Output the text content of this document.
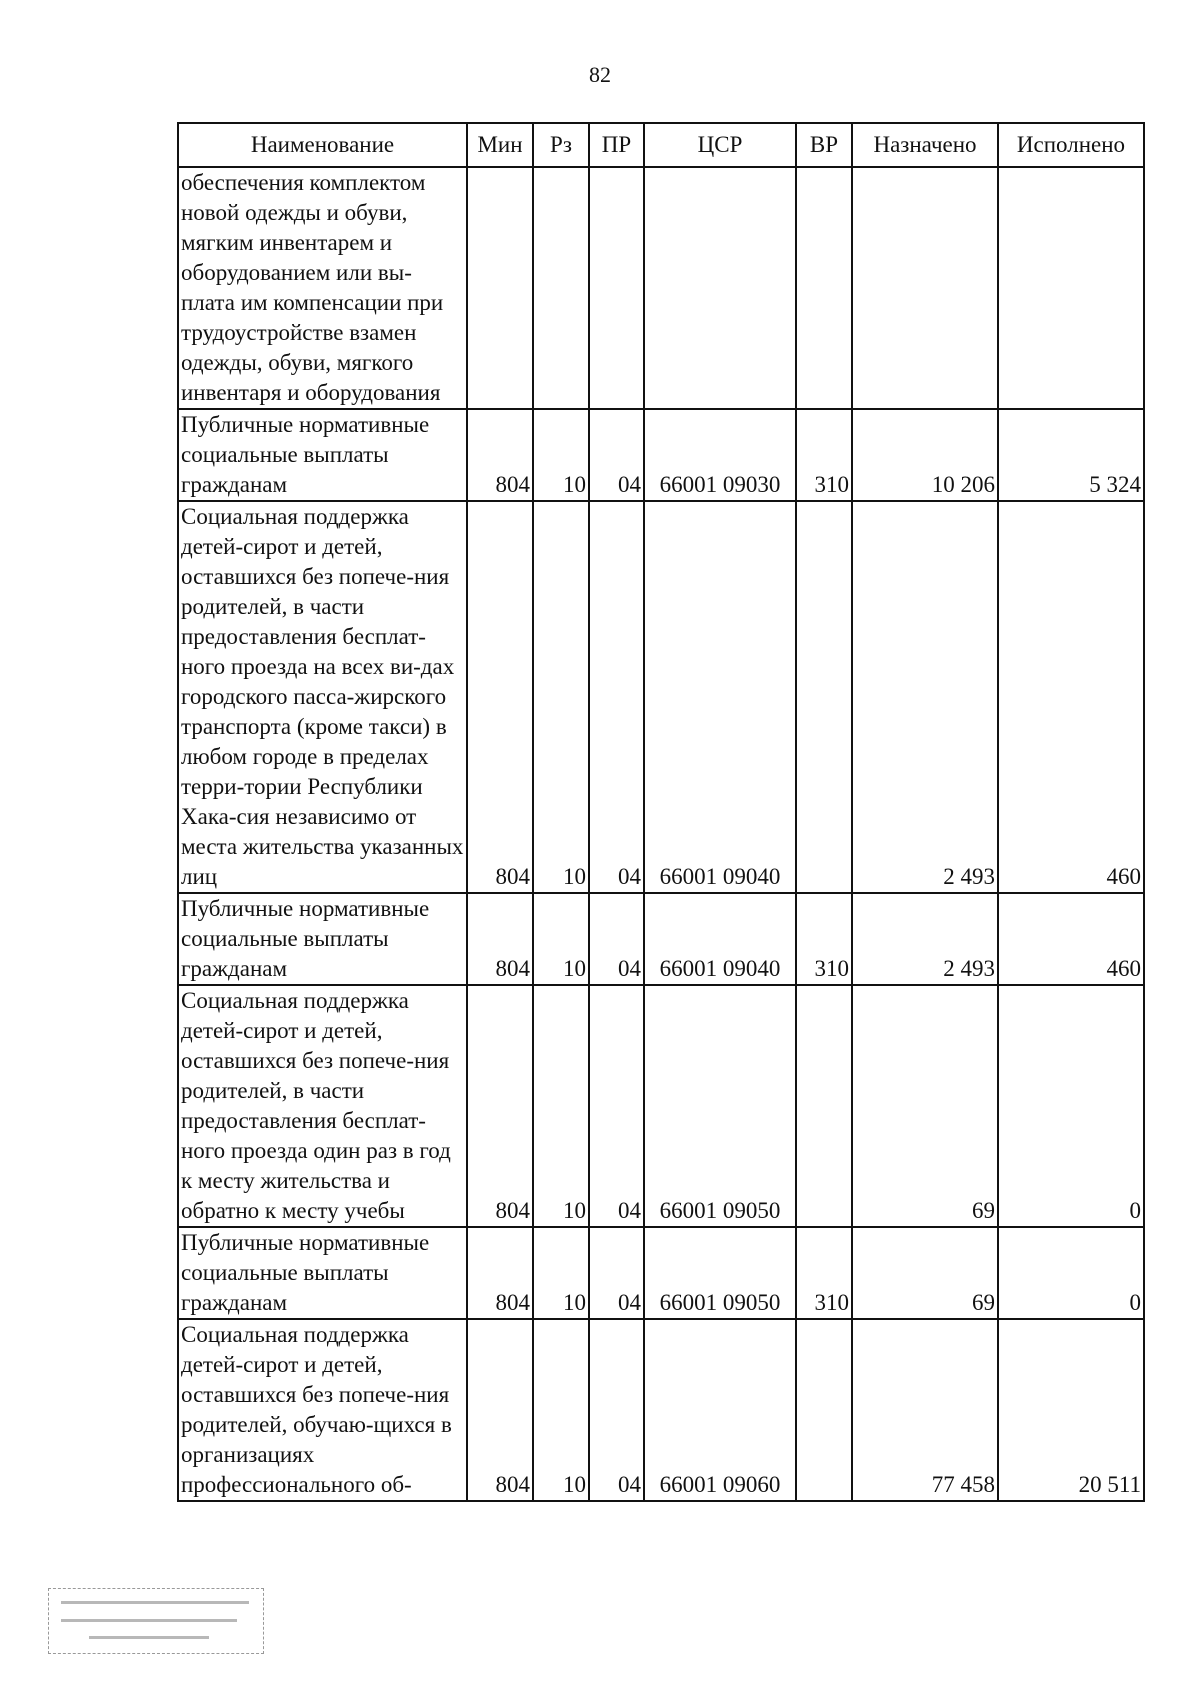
82
Наименование	Мин	Рз	ПР	ЦСР	ВР	Назначено	Исполнено
обеспечения комплектом новой одежды и обуви, мягким инвентарем и оборудованием или вы-плата им компенсации при трудоустройстве взамен одежды, обуви, мягкого инвентаря и оборудования							
Публичные нормативные социальные выплаты гражданам	804	10	04	66001 09030	310	10 206	5 324
Социальная поддержка детей-сирот и детей, оставшихся без попече-ния родителей, в части предоставления бесплат-ного проезда на всех ви-дах городского пасса-жирского транспорта (кроме такси) в любом городе в пределах терри-тории Республики Хака-сия независимо от места жительства указанных лиц	804	10	04	66001 09040		2 493	460
Публичные нормативные социальные выплаты гражданам	804	10	04	66001 09040	310	2 493	460
Социальная поддержка детей-сирот и детей, оставшихся без попече-ния родителей, в части предоставления бесплат-ного проезда один раз в год к месту жительства и обратно к месту учебы	804	10	04	66001 09050		69	0
Публичные нормативные социальные выплаты гражданам	804	10	04	66001 09050	310	69	0
Социальная поддержка детей-сирот и детей, оставшихся без попече-ния родителей, обучаю-щихся в организациях профессионального об-	804	10	04	66001 09060		77 458	20 511
